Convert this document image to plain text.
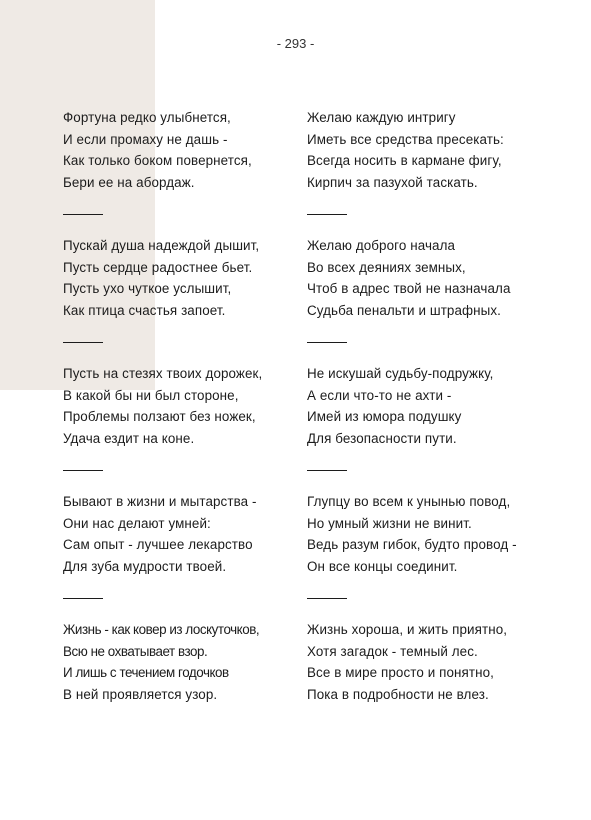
- 293 -
Фортуна редко улыбнется,
И если промаху не дашь -
Как только боком повернется,
Бери ее на абордаж.
Пускай душа надеждой дышит,
Пусть сердце радостнее бьет.
Пусть ухо чуткое услышит,
Как птица счастья запоет.
Пусть на стезях твоих дорожек,
В какой бы ни был стороне,
Проблемы ползают без ножек,
Удача ездит на коне.
Бывают в жизни и мытарства -
Они нас делают умней:
Сам опыт - лучшее лекарство
Для зуба мудрости твоей.
Жизнь - как ковер из лоскуточков,
Всю не охватывает взор.
И лишь с течением годочков
В ней проявляется узор.
Желаю каждую интригу
Иметь все средства пресекать:
Всегда носить в кармане фигу,
Кирпич за пазухой таскать.
Желаю доброго начала
Во всех деяниях земных,
Чтоб в адрес твой не назначала
Судьба пенальти и штрафных.
Не искушай судьбу-подружку,
А если что-то не ахти -
Имей из юмора подушку
Для безопасности пути.
Глупцу во всем к унынью повод,
Но умный жизни не винит.
Ведь разум гибок, будто провод -
Он все концы соединит.
Жизнь хороша, и жить приятно,
Хотя загадок - темный лес.
Все в мире просто и понятно,
Пока в подробности не влез.
